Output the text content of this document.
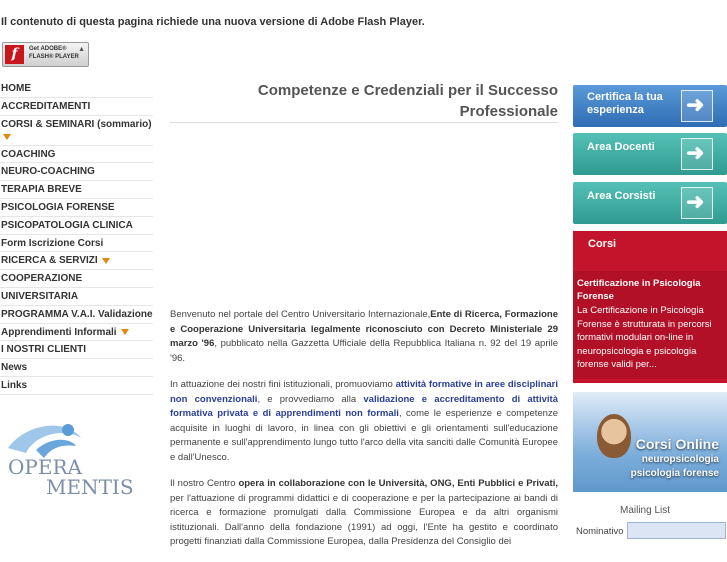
Il contenuto di questa pagina richiede una nuova versione di Adobe Flash Player.
f	Get ADOBE®
FLASH® PLAYER
▲
HOME
ACCREDITAMENTI
CORSI & SEMINARI (sommario)
COACHING
NEURO-COACHING
TERAPIA BREVE
PSICOLOGIA FORENSE
PSICOPATOLOGIA CLINICA
Form Iscrizione Corsi
RICERCA & SERVIZI
COOPERAZIONE
UNIVERSITARIA
PROGRAMMA V.A.I. Validazione
Apprendimenti Informali
I NOSTRI CLIENTI
News
Links
OPERA
MENTIS
Competenze e Credenziali per il Successo
Professionale

Benvenuto nel portale del Centro Universitario Internazionale,Ente di Ricerca, Formazione e Cooperazione Universitaria legalmente riconosciuto con Decreto Ministeriale 29 marzo '96, pubblicato nella Gazzetta Ufficiale della Repubblica Italiana n. 92 del 19 aprile '96.

In attuazione dei nostri fini istituzionali, promuoviamo attività formative in aree disciplinari non convenzionali, e provvediamo alla validazione e accreditamento di attività formativa privata e di apprendimenti non formali, come le esperienze e competenze acquisite in luoghi di lavoro, in linea con gli obiettivi e gli orientamenti sull'educazione permanente e sull'apprendimento lungo tutto l'arco della vita sanciti dalle Comunità Europee e dall'Unesco.

Il nostro Centro opera in collaborazione con le Università, ONG, Enti Pubblici e Privati, per l'attuazione di programmi didattici e di cooperazione e per la partecipazione ai bandi di ricerca e formazione promulgati dalla Commissione Europea e da altri organismi istituzionali. Dall'anno della fondazione (1991) ad oggi, l'Ente ha gestito e coordinato progetti finanziati dalla Commissione Europea, dalla Presidenza del Consiglio dei

Certifica la tua
esperienza	➜
Area Docenti ➜
Area Corsisti ➜
Corsi
Certificazione in Psicologia Forense
La Certificazione in Psicologia Forense è strutturata in percorsi formativi modulari on-line in neuropsicologia e psicologia forense validi per...
Corsi Online
neuropsicologia
psicologia forense
Mailing List
Nominativo
